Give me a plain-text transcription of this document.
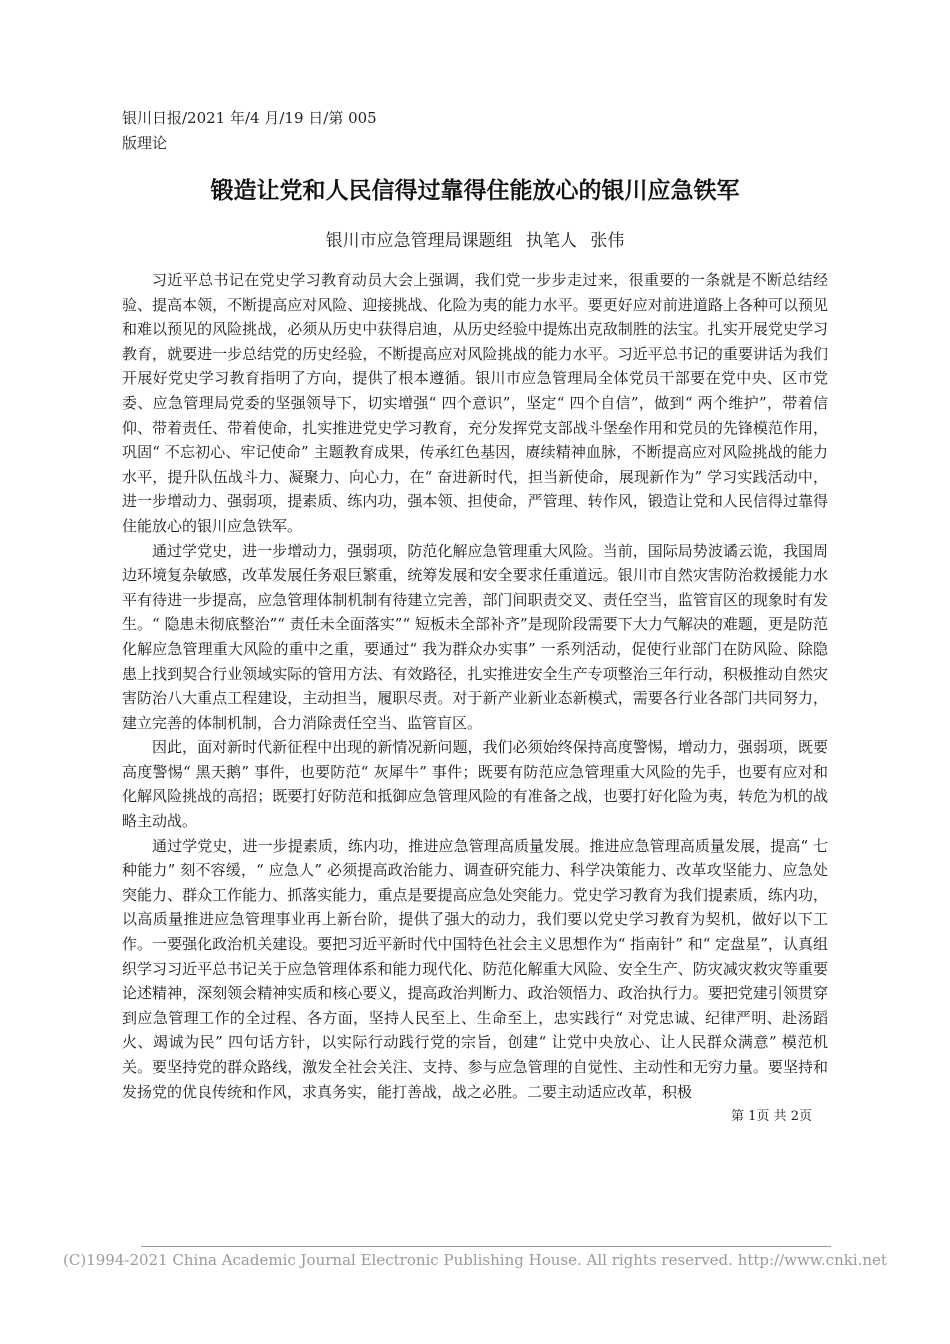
银川日报/2021 年/4 月/19 日/第 005
版理论
锻造让党和人民信得过靠得住能放心的银川应急铁军
银川市应急管理局课题组 执笔人 张伟

习近平总书记在党史学习教育动员大会上强调，我们党一步步走过来，很重要的一条就是不断总结经验、提高本领，不断提高应对风险、迎接挑战、化险为夷的能力水平。要更好应对前进道路上各种可以预见和难以预见的风险挑战，必须从历史中获得启迪，从历史经验中提炼出克敌制胜的法宝。扎实开展党史学习教育，就要进一步总结党的历史经验，不断提高应对风险挑战的能力水平。习近平总书记的重要讲话为我们开展好党史学习教育指明了方向，提供了根本遵循。银川市应急管理局全体党员干部要在党中央、区市党委、应急管理局党委的坚强领导下，切实增强“ 四个意识”，坚定“ 四个自信”，做到“ 两个维护”，带着信仰、带着责任、带着使命，扎实推进党史学习教育，充分发挥党支部战斗堡垒作用和党员的先锋模范作用，巩固“ 不忘初心、牢记使命” 主题教育成果，传承红色基因，赓续精神血脉，不断提高应对风险挑战的能力水平，提升队伍战斗力、凝聚力、向心力，在“ 奋进新时代，担当新使命，展现新作为” 学习实践活动中，进一步增动力、强弱项，提素质、练内功，强本领、担使命，严管理、转作风，锻造让党和人民信得过靠得住能放心的银川应急铁军。

通过学党史，进一步增动力，强弱项，防范化解应急管理重大风险。当前，国际局势波谲云诡，我国周边环境复杂敏感，改革发展任务艰巨繁重，统筹发展和安全要求任重道远。银川市自然灾害防治救援能力水平有待进一步提高，应急管理体制机制有待建立完善，部门间职责交叉、责任空当，监管盲区的现象时有发生。“ 隐患未彻底整治”“ 责任未全面落实”“ 短板未全部补齐”是现阶段需要下大力气解决的难题，更是防范化解应急管理重大风险的重中之重，要通过“ 我为群众办实事” 一系列活动，促使行业部门在防风险、除隐患上找到契合行业领域实际的管用方法、有效路径，扎实推进安全生产专项整治三年行动，积极推动自然灾害防治八大重点工程建设，主动担当，履职尽责。对于新产业新业态新模式，需要各行业各部门共同努力，建立完善的体制机制，合力消除责任空当、监管盲区。

因此，面对新时代新征程中出现的新情况新问题，我们必须始终保持高度警惕，增动力，强弱项，既要高度警惕“ 黑天鹅” 事件，也要防范“ 灰犀牛” 事件；既要有防范应急管理重大风险的先手，也要有应对和化解风险挑战的高招；既要打好防范和抵御应急管理风险的有准备之战，也要打好化险为夷，转危为机的战略主动战。

通过学党史，进一步提素质，练内功，推进应急管理高质量发展。推进应急管理高质量发展，提高“ 七种能力” 刻不容缓，“ 应急人” 必须提高政治能力、调查研究能力、科学决策能力、改革攻坚能力、应急处突能力、群众工作能力、抓落实能力，重点是要提高应急处突能力。党史学习教育为我们提素质，练内功，以高质量推进应急管理事业再上新台阶，提供了强大的动力，我们要以党史学习教育为契机，做好以下工作。一要强化政治机关建设。要把习近平新时代中国特色社会主义思想作为“ 指南针” 和“ 定盘星”，认真组织学习习近平总书记关于应急管理体系和能力现代化、防范化解重大风险、安全生产、防灾减灾救灾等重要论述精神，深刻领会精神实质和核心要义，提高政治判断力、政治领悟力、政治执行力。要把党建引领贯穿到应急管理工作的全过程、各方面，坚持人民至上、生命至上，忠实践行“ 对党忠诚、纪律严明、赴汤蹈火、竭诚为民” 四句话方针，以实际行动践行党的宗旨，创建“ 让党中央放心、让人民群众满意” 模范机关。要坚持党的群众路线，激发全社会关注、支持、参与应急管理的自觉性、主动性和无穷力量。要坚持和发扬党的优良传统和作风，求真务实，能打善战，战之必胜。二要主动适应改革，积极

第 1页 共 2页
(C)1994-2021 China Academic Journal Electronic Publishing House. All rights reserved. http://www.cnki.net
